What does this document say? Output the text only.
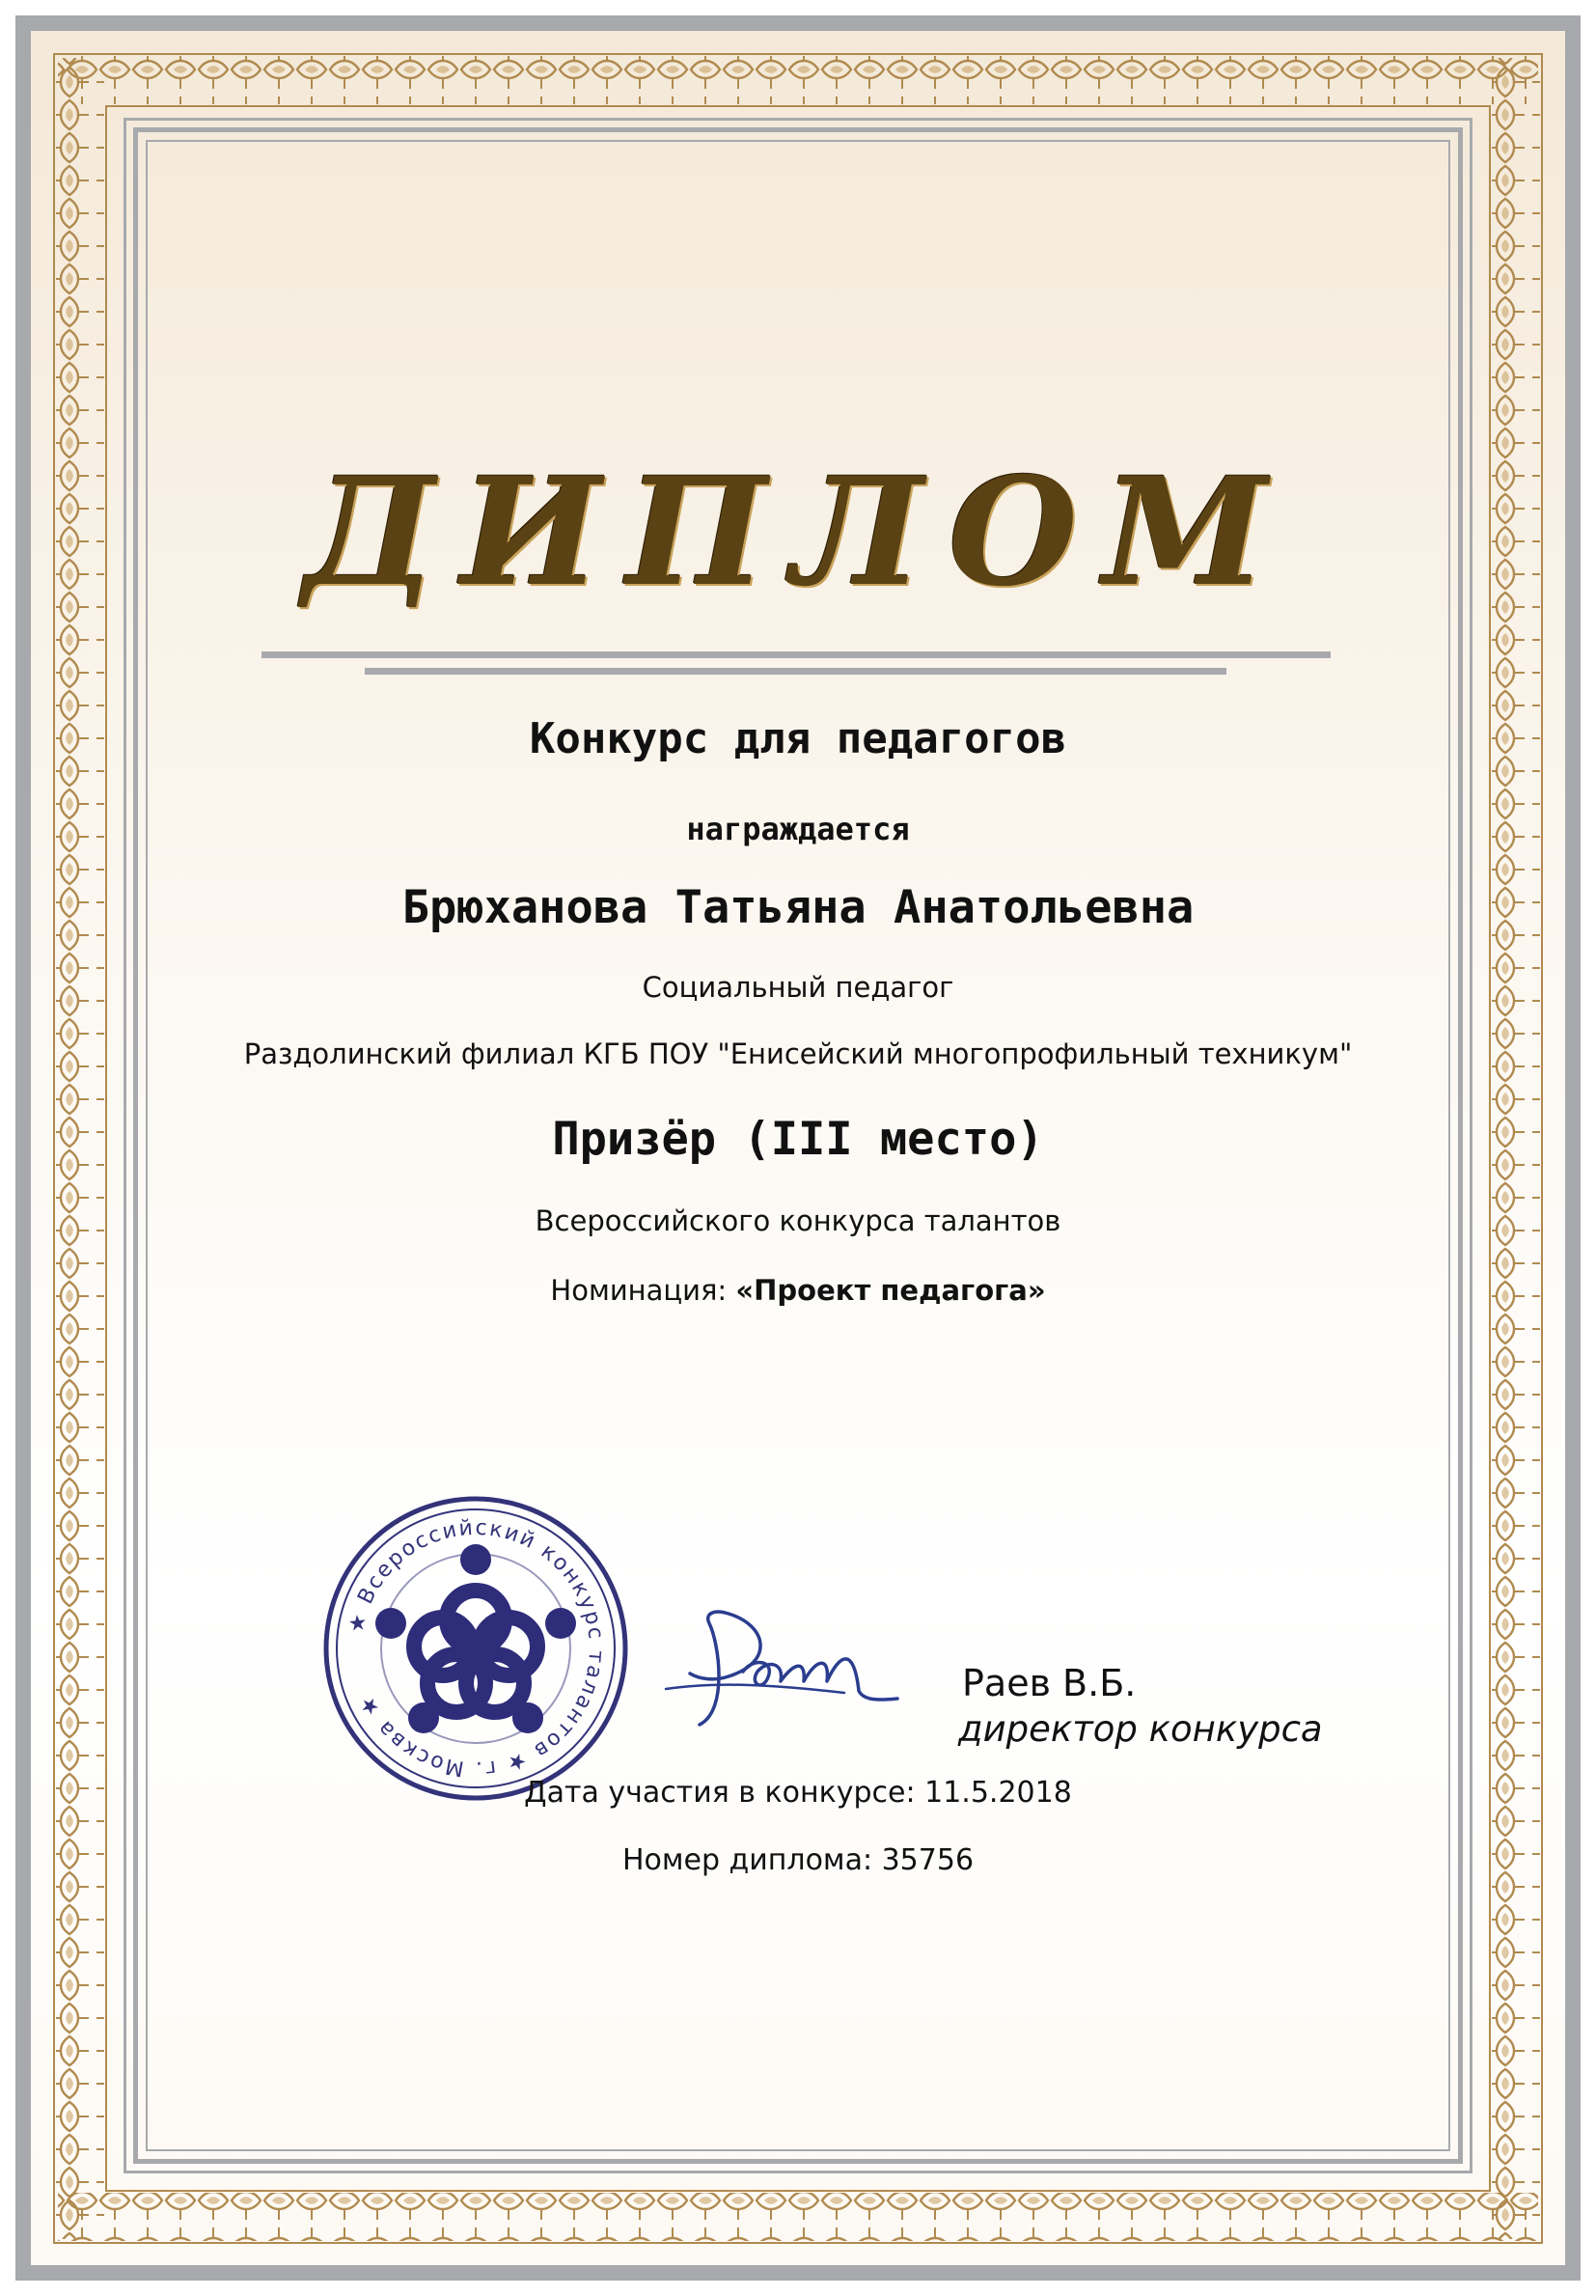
ДИПЛОМ
Конкурс для педагогов
награждается
Брюханова Татьяна Анатольевна
Социальный педагог
Раздолинский филиал КГБ ПОУ "Енисейский многопрофильный техникум"
Призёр (III место)
Всероссийского конкурса талантов
Номинация: «Проект педагога»
★ Всероссийский конкурс талантов ★ г. Москва ★
Раев В.Б.
директор конкурса
Дата участия в конкурсе: 11.5.2018
Номер диплома: 35756
